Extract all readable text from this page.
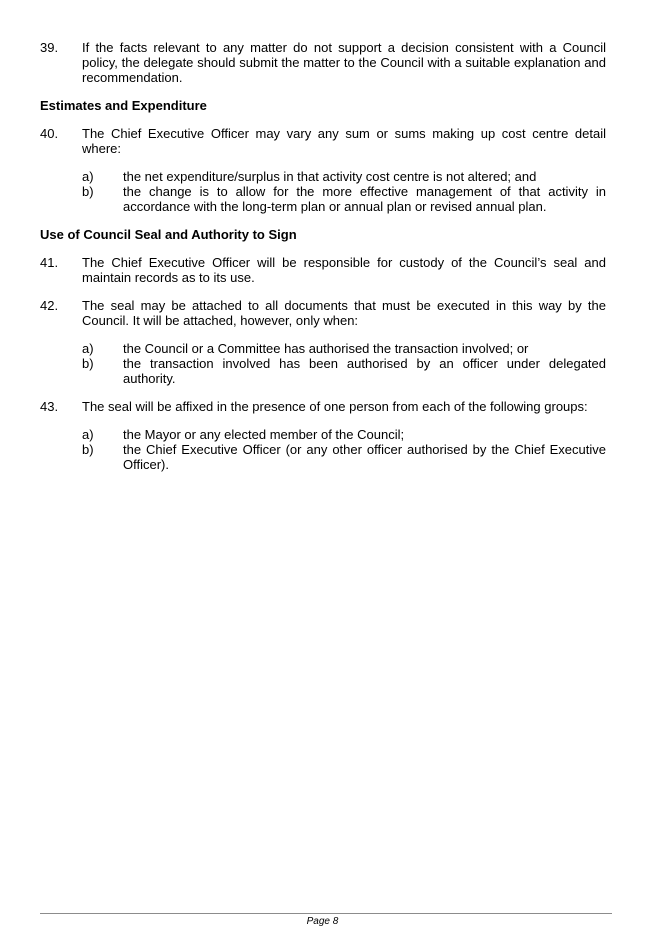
39.	If the facts relevant to any matter do not support a decision consistent with a Council policy, the delegate should submit the matter to the Council with a suitable explanation and recommendation.
Estimates and Expenditure
40.	The Chief Executive Officer may vary any sum or sums making up cost centre detail where:
a)	the net expenditure/surplus in that activity cost centre is not altered; and
b)	the change is to allow for the more effective management of that activity in accordance with the long-term plan or annual plan or revised annual plan.
Use of Council Seal and Authority to Sign
41.	The Chief Executive Officer will be responsible for custody of the Council’s seal and maintain records as to its use.
42.	The seal may be attached to all documents that must be executed in this way by the Council. It will be attached, however, only when:
a)	the Council or a Committee has authorised the transaction involved; or
b)	the transaction involved has been authorised by an officer under delegated authority.
43.	The seal will be affixed in the presence of one person from each of the following groups:
a)	the Mayor or any elected member of the Council;
b)	the Chief Executive Officer (or any other officer authorised by the Chief Executive Officer).
Page 8
